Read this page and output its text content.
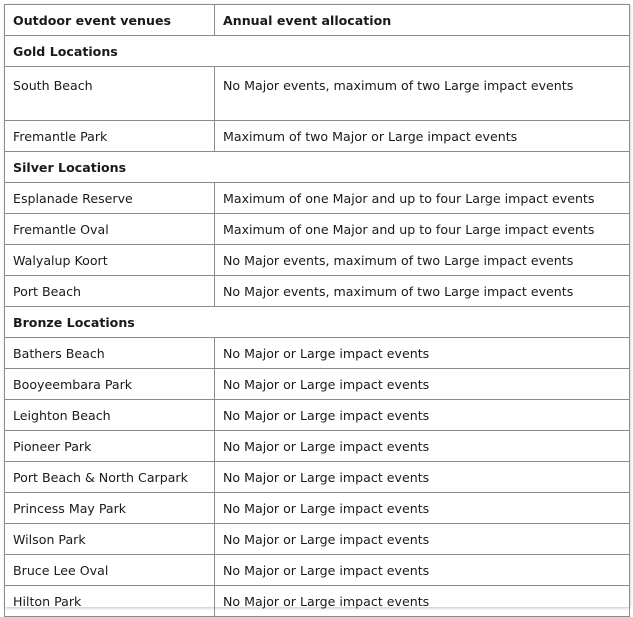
Outdoor event venues	Annual event allocation
Gold Locations	
South Beach	No Major events, maximum of two Large impact events
Fremantle Park	Maximum of two Major or Large impact events
Silver Locations	
Esplanade Reserve	Maximum of one Major and up to four Large impact events
Fremantle Oval	Maximum of one Major and up to four Large impact events
Walyalup Koort	No Major events, maximum of two Large impact events
Port Beach	No Major events, maximum of two Large impact events
Bronze Locations	
Bathers Beach	No Major or Large impact events
Booyeembara Park	No Major or Large impact events
Leighton Beach	No Major or Large impact events
Pioneer Park	No Major or Large impact events
Port Beach & North Carpark	No Major or Large impact events
Princess May Park	No Major or Large impact events
Wilson Park	No Major or Large impact events
Bruce Lee Oval	No Major or Large impact events
Hilton Park	No Major or Large impact events
